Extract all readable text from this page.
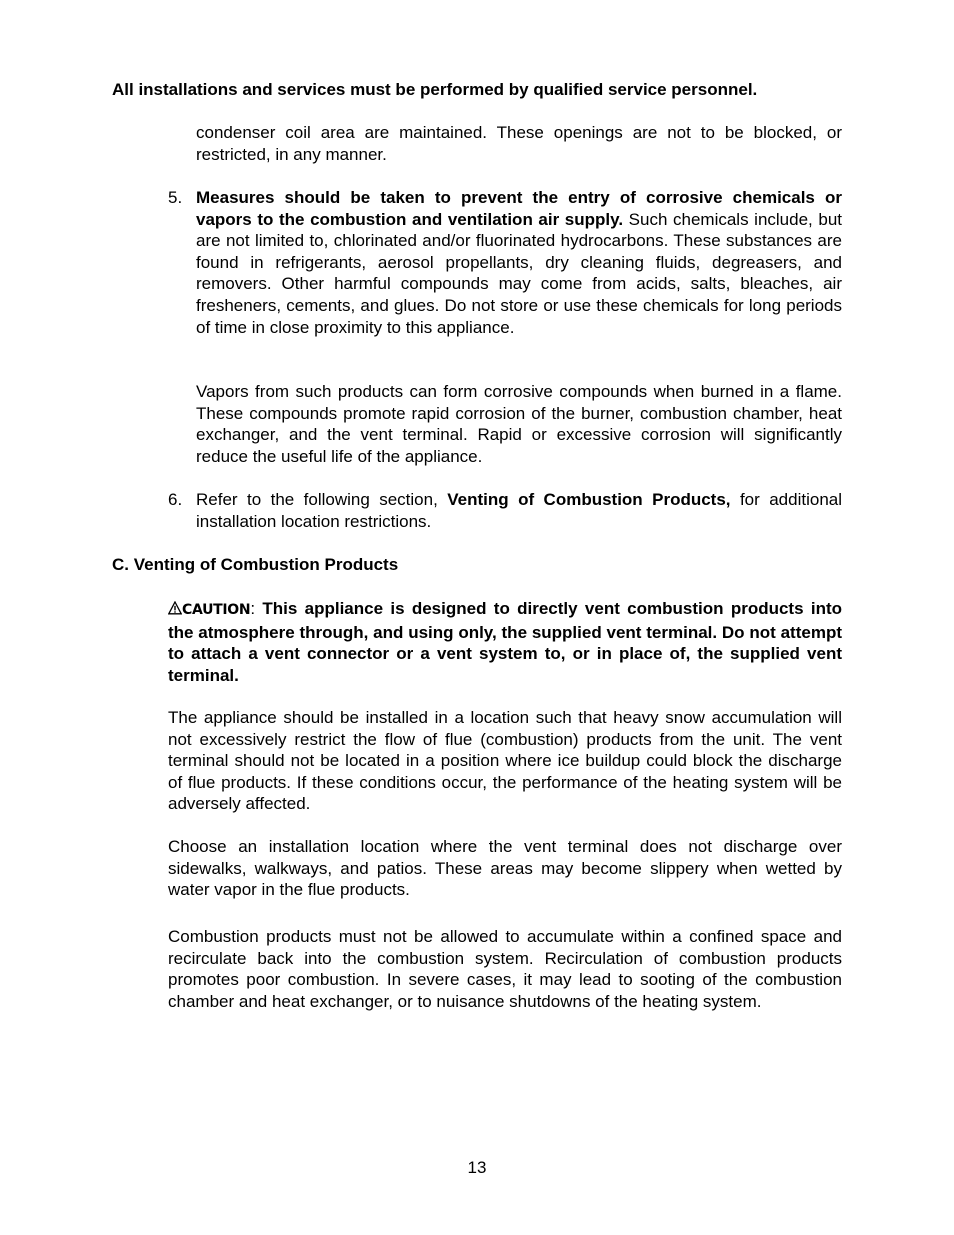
All installations and services must be performed by qualified service personnel.

condenser coil area are maintained. These openings are not to be blocked, or restricted, in any manner.

5. Measures should be taken to prevent the entry of corrosive chemicals or vapors to the combustion and ventilation air supply. Such chemicals include, but are not limited to, chlorinated and/or fluorinated hydrocarbons. These substances are found in refrigerants, aerosol propellants, dry cleaning fluids, degreasers, and removers. Other harmful compounds may come from acids, salts, bleaches, air fresheners, cements, and glues. Do not store or use these chemicals for long periods of time in close proximity to this appliance.

Vapors from such products can form corrosive compounds when burned in a flame. These compounds promote rapid corrosion of the burner, combustion chamber, heat exchanger, and the vent terminal. Rapid or excessive corrosion will significantly reduce the useful life of the appliance.

6. Refer to the following section, Venting of Combustion Products, for additional installation location restrictions.

C. Venting of Combustion Products

CAUTION: This appliance is designed to directly vent combustion products into the atmosphere through, and using only, the supplied vent terminal. Do not attempt to attach a vent connector or a vent system to, or in place of, the supplied vent terminal.

The appliance should be installed in a location such that heavy snow accumulation will not excessively restrict the flow of flue (combustion) products from the unit. The vent terminal should not be located in a position where ice buildup could block the discharge of flue products. If these conditions occur, the performance of the heating system will be adversely affected.

Choose an installation location where the vent terminal does not discharge over sidewalks, walkways, and patios. These areas may become slippery when wetted by water vapor in the flue products.

Combustion products must not be allowed to accumulate within a confined space and recirculate back into the combustion system. Recirculation of combustion products promotes poor combustion. In severe cases, it may lead to sooting of the combustion chamber and heat exchanger, or to nuisance shutdowns of the heating system.

13
